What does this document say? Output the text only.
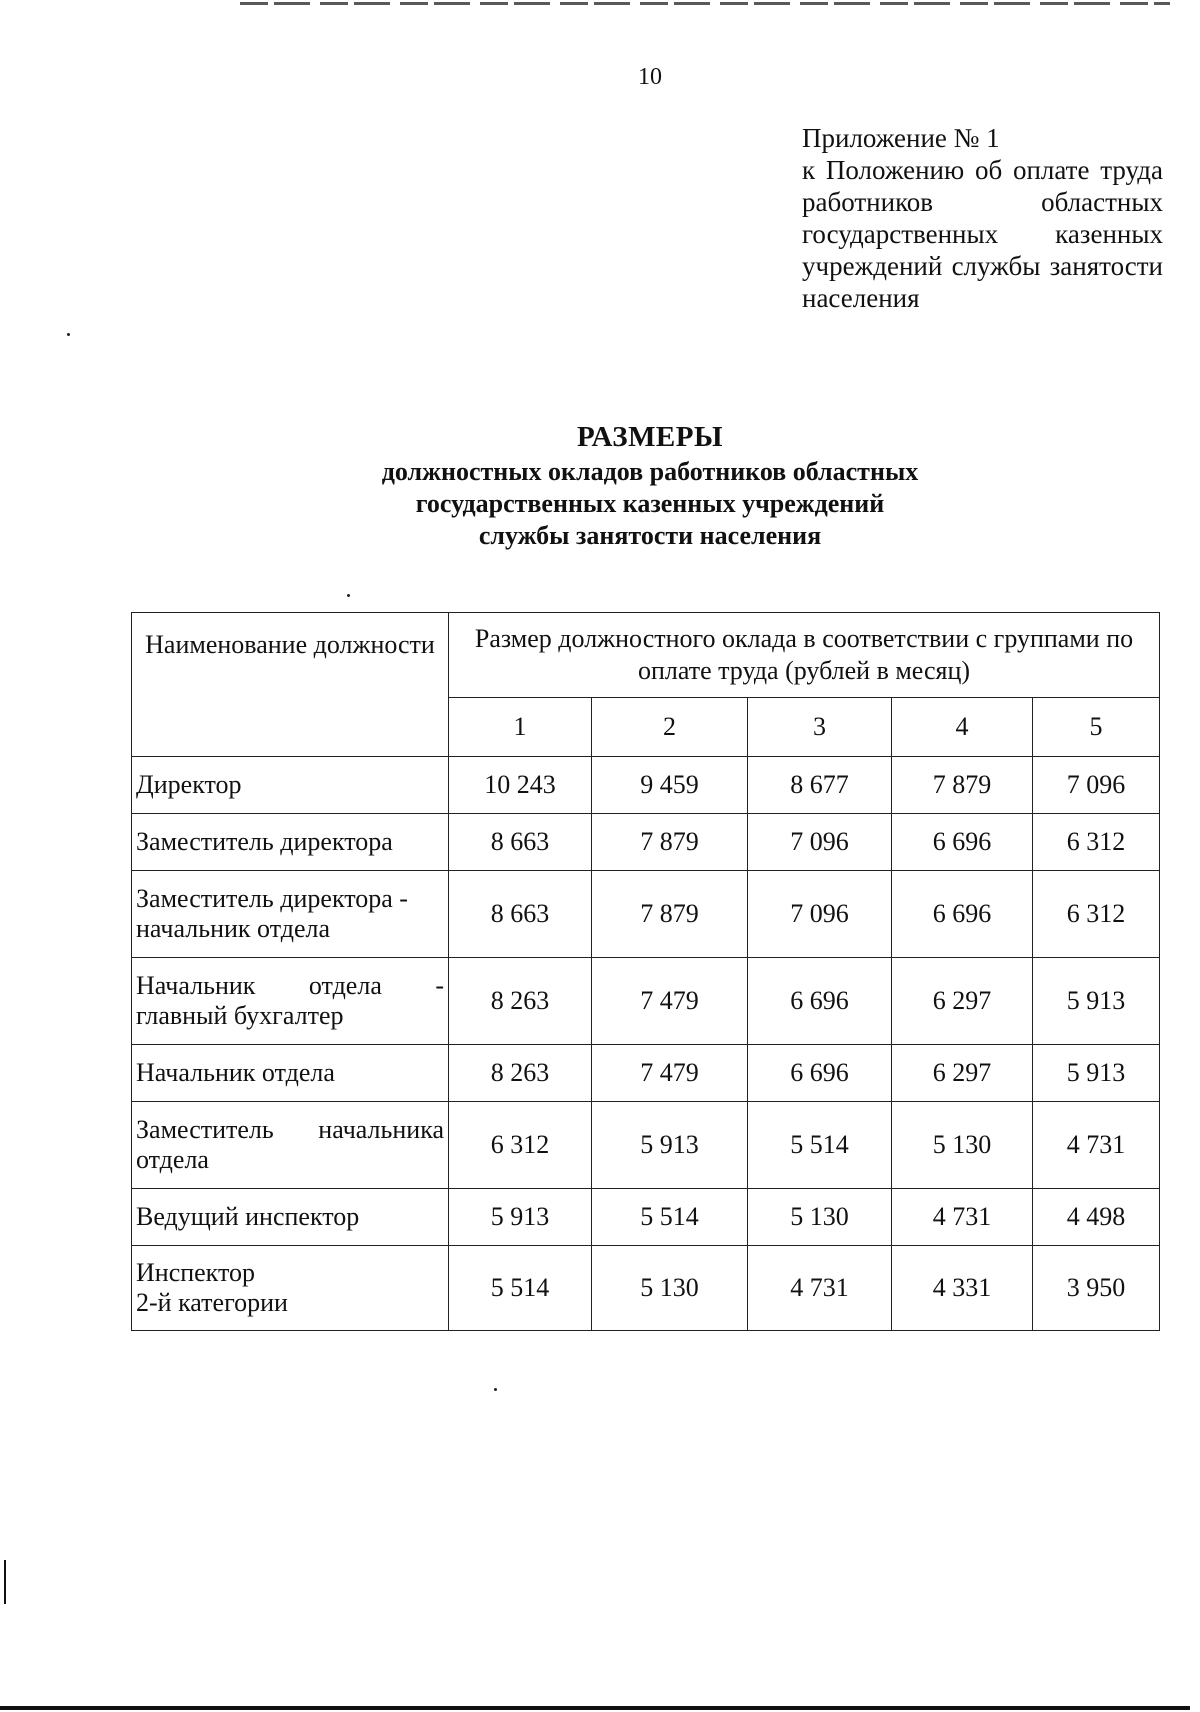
10
Приложение № 1
к Положению об оплате труда работников областных государственных казенных учреждений службы занятости населения
РАЗМЕРЫ
должностных окладов работников областных
государственных казенных учреждений
службы занятости населения
Наименование должности	Размер должностного оклада в соответствии с группами по оплате труда (рублей в месяц)				
	1	2	3	4	5
Директор	10 243	9 459	8 677	7 879	7 096
Заместитель директора	8 663	7 879	7 096	6 696	6 312

Заместитель директора -
начальник отдела	8 663	7 879	7 096	6 696	6 312

Начальник отдела -
главный бухгалтер	8 263	7 479	6 696	6 297	5 913
Начальник отдела	8 263	7 479	6 696	6 297	5 913

Заместитель начальника
отдела	6 312	5 913	5 514	5 130	4 731
Ведущий инспектор	5 913	5 514	5 130	4 731	4 498

Инспектор
2-й категории	5 514	5 130	4 731	4 331	3 950
